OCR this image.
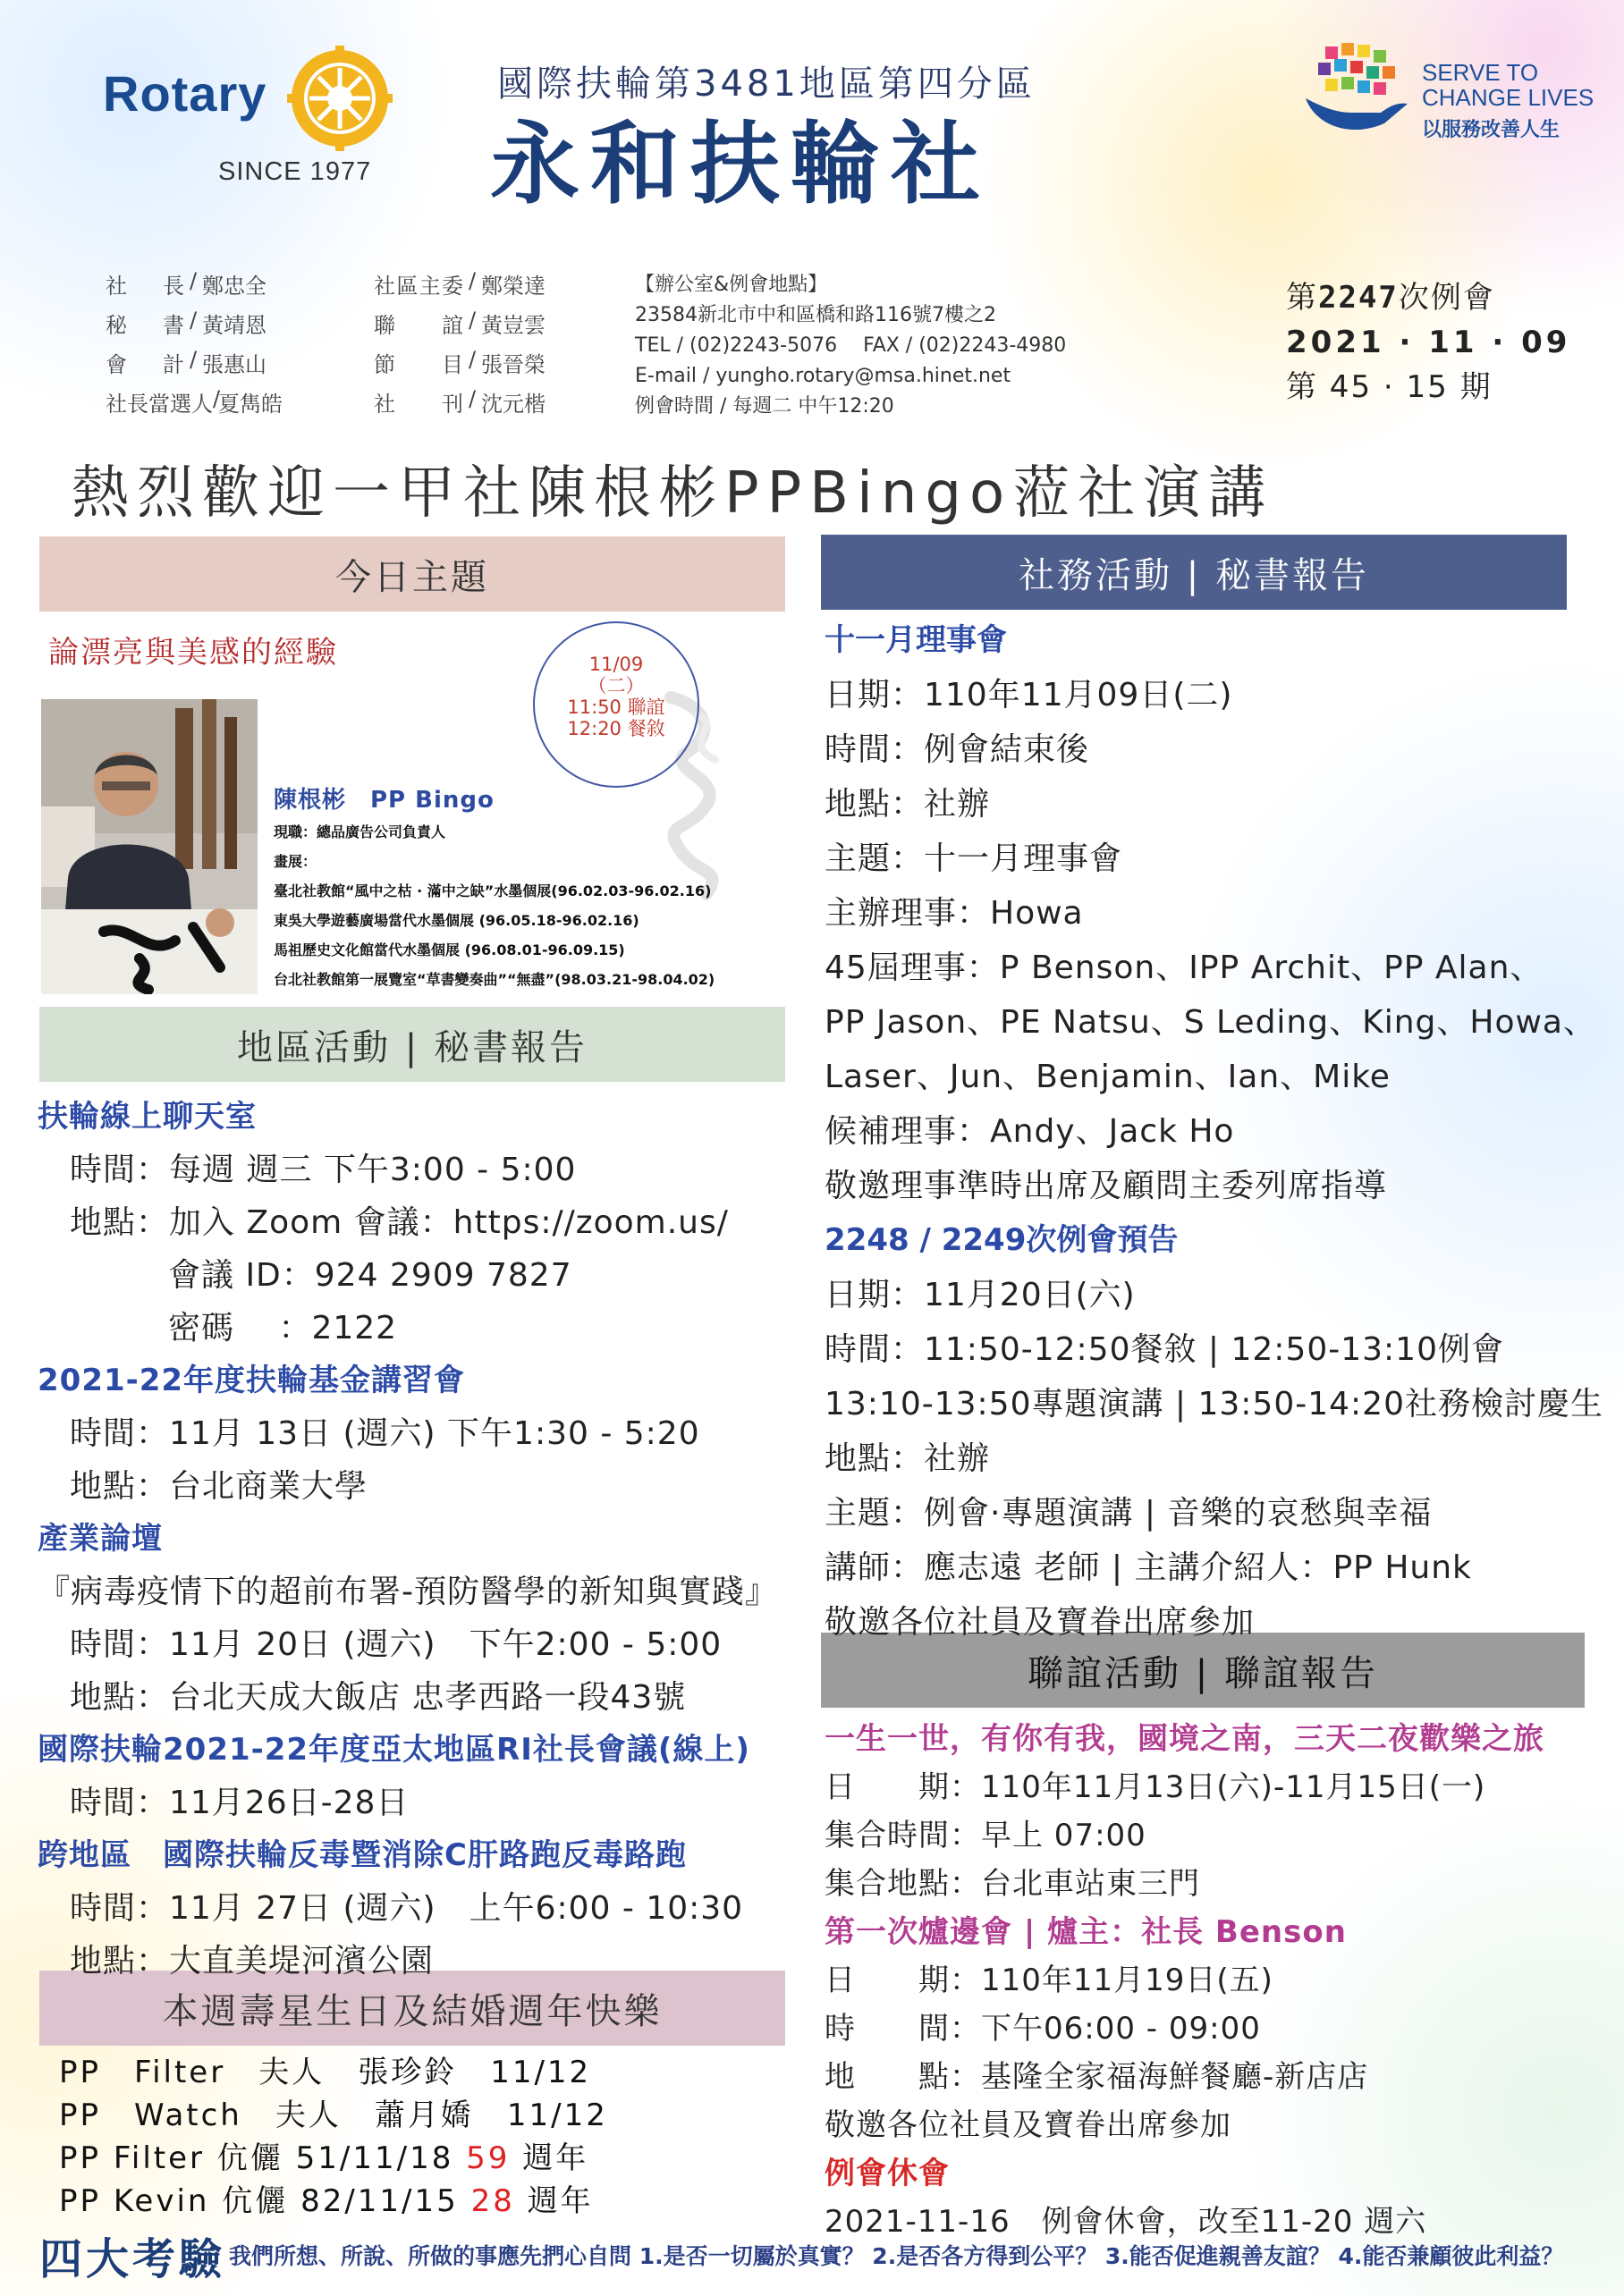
Rotary
SINCE 1977
國際扶輪第3481地區第四分區
永和扶輪社
SERVE TO
CHANGE LIVES
以服務改善人生
社長 / 鄭忠全
秘書 / 黃靖恩
會計 / 張惠山
社長當選人 /
夏雋皓
社區主委 / 鄭榮達
聯誼 / 黃豈雲
節目 / 張晉榮
社刊 / 沈元楷
【辦公室&例會地點】
23584新北市中和區橋和路116號7樓之2
TEL / (02)2243-5076　 FAX / (02)2243-4980
E-mail / yungho.rotary@msa.hinet.net
例會時間 / 每週二 中午12:20
第2247次例會
2021 · 11 · 09
第 45 · 15 期
熱烈歡迎一甲社陳根彬PPBingo蒞社演講
今日主題
地區活動 | 秘書報告
本週壽星生日及結婚週年快樂
社務活動 | 秘書報告
聯誼活動 | 聯誼報告
論漂亮與美感的經驗	11/09
（二）
11:50 聯誼
12:20 餐敘
陳根彬　PP Bingo
現職：總品廣告公司負責人
畫展：
臺北社教館“風中之枯 · 滿中之缺”水墨個展(96.02.03-96.02.16)
東吳大學遊藝廣場當代水墨個展 (96.05.18-96.02.16)
馬祖歷史文化館當代水墨個展 (96.08.01-96.09.15)
台北社教館第一展覽室“草書變奏曲”“無盡”(98.03.21-98.04.02)
扶輪線上聊天室
時間：每週 週三 下午3:00 - 5:00
地點：加入 Zoom 會議：https://zoom.us/
會議 ID：924 2909 7827
密碼　 ：2122
2021-22年度扶輪基金講習會
時間：11月 13日 (週六) 下午1:30 - 5:20
地點：台北商業大學
產業論壇
『病毒疫情下的超前布署-預防醫學的新知與實踐』
時間：11月 20日 (週六)　下午2:00 - 5:00
地點：台北天成大飯店 忠孝西路一段43號
國際扶輪2021-22年度亞太地區RI社長會議(線上)
時間：11月26日-28日
跨地區　國際扶輪反毒暨消除C肝路跑反毒路跑
時間：11月 27日 (週六)　上午6:00 - 10:30
地點：大直美堤河濱公園
PP　Filter　夫人　張珍鈴　11/12
PP　Watch　夫人　蕭月嬌　11/12
PP Filter 伉儷 51/11/18 59 週年
PP Kevin 伉儷 82/11/15 28 週年
十一月理事會
日期：110年11月09日(二)
時間：例會結束後
地點：社辦
主題：十一月理事會
主辦理事：Howa
45屆理事：P Benson、IPP Archit、PP Alan、
PP Jason、PE Natsu、S Leding、King、Howa、
Laser、Jun、Benjamin、Ian、Mike
候補理事：Andy、Jack Ho
敬邀理事準時出席及顧問主委列席指導
2248 / 2249次例會預告
日期：11月20日(六)
時間：11:50-12:50餐敘 | 12:50-13:10例會
13:10-13:50專題演講 | 13:50-14:20社務檢討慶生
地點：社辦
主題：例會·專題演講 | 音樂的哀愁與幸福
講師：應志遠 老師 | 主講介紹人：PP Hunk
敬邀各位社員及寶眷出席參加
一生一世，有你有我，國境之南，三天二夜歡樂之旅
日　　期：110年11月13日(六)-11月15日(一)
集合時間：早上 07:00
集合地點：台北車站東三門
第一次爐邊會 | 爐主：社長 Benson
日　　期：110年11月19日(五)
時　　間：下午06:00 - 09:00
地　　點：基隆全家福海鮮餐廳-新店店
敬邀各位社員及寶眷出席參加
例會休會
2021-11-16　例會休會，改至11-20 週六
四大考驗 我們所想、所說、所做的事應先捫心自問 1.是否一切屬於真實？ 2.是否各方得到公平？ 3.能否促進親善友誼？ 4.能否兼顧彼此利益？
